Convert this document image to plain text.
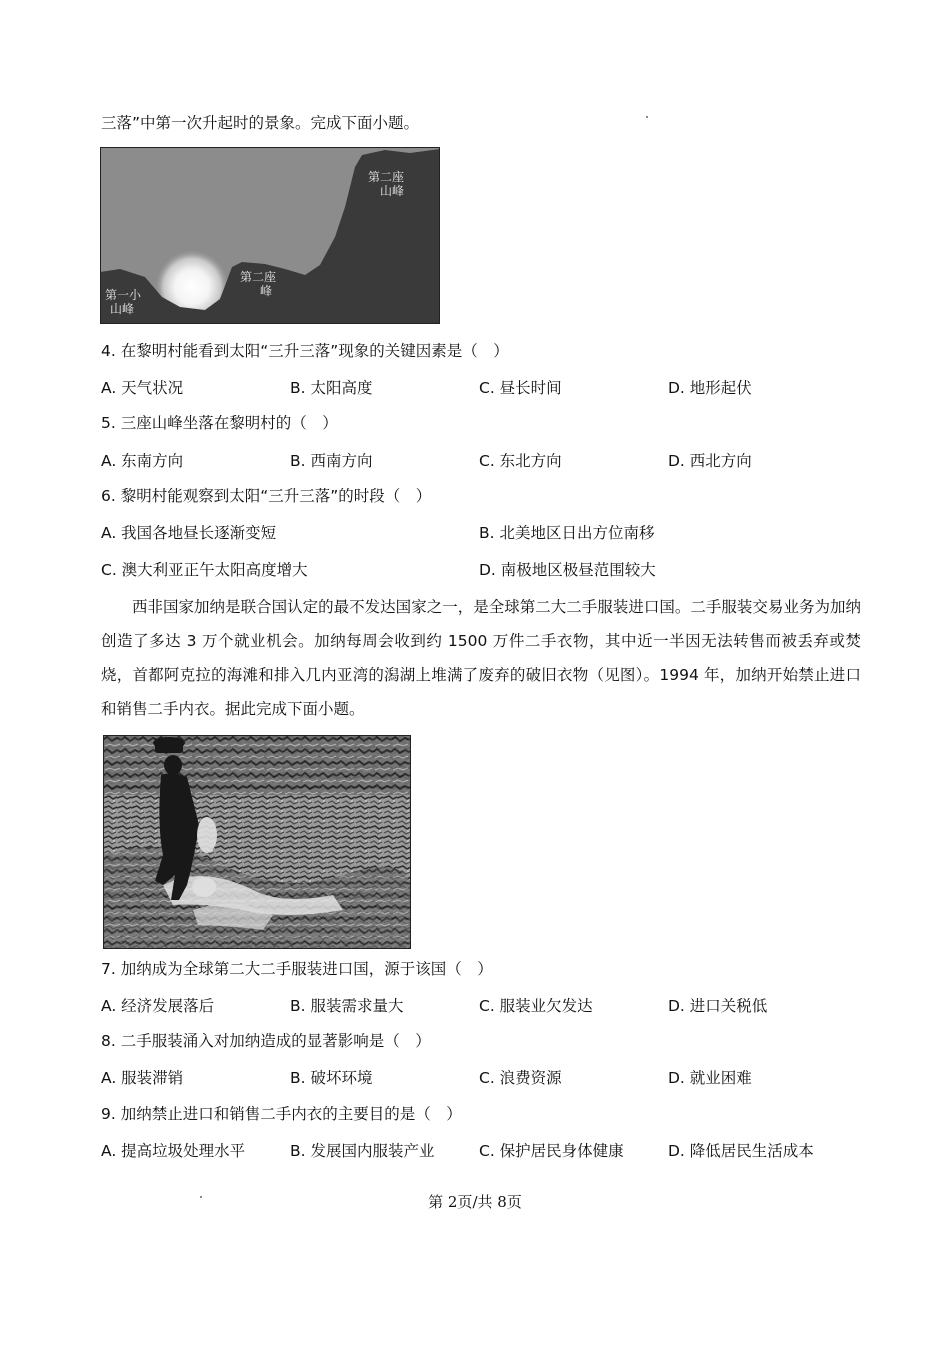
三落”中第一次升起时的景象。完成下面小题。
第二座
山峰
第二座
峰
第一小
山峰
4. 在黎明村能看到太阳“三升三落”现象的关键因素是（　）
A. 天气状况	B. 太阳高度	C. 昼长时间	D. 地形起伏
5. 三座山峰坐落在黎明村的（　）
A. 东南方向	B. 西南方向	C. 东北方向	D. 西北方向
6. 黎明村能观察到太阳“三升三落”的时段（　）
A. 我国各地昼长逐渐变短	B. 北美地区日出方位南移
C. 澳大利亚正午太阳高度增大	D. 南极地区极昼范围较大
西非国家加纳是联合国认定的最不发达国家之一，是全球第二大二手服装进口国。二手服装交易业务为加纳创造了多达 3 万个就业机会。加纳每周会收到约 1500 万件二手衣物，其中近一半因无法转售而被丢弃或焚烧，首都阿克拉的海滩和排入几内亚湾的潟湖上堆满了废弃的破旧衣物（见图）。1994 年，加纳开始禁止进口和销售二手内衣。据此完成下面小题。
7. 加纳成为全球第二大二手服装进口国，源于该国（　）
A. 经济发展落后	B. 服装需求量大	C. 服装业欠发达	D. 进口关税低
8. 二手服装涌入对加纳造成的显著影响是（　）
A. 服装滞销	B. 破坏环境	C. 浪费资源	D. 就业困难
9. 加纳禁止进口和销售二手内衣的主要目的是（　）
A. 提高垃圾处理水平	B. 发展国内服装产业	C. 保护居民身体健康	D. 降低居民生活成本
第 2页/共 8页
